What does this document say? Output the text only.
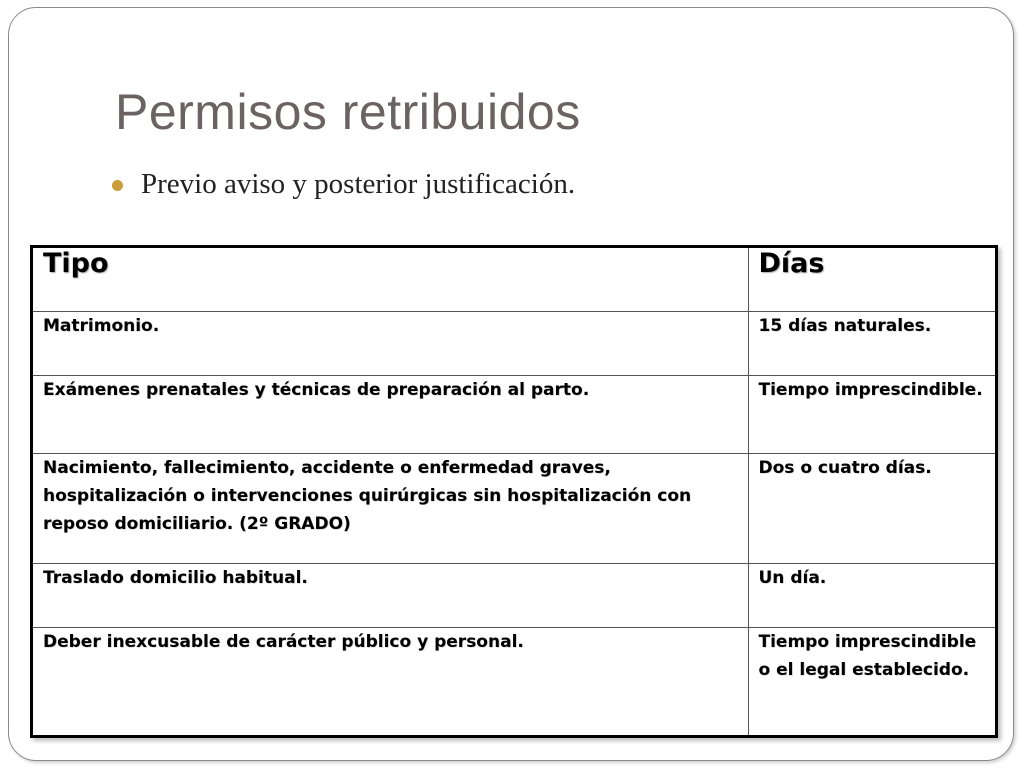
Permisos retribuidos
Previo aviso y posterior justificación.
Tipo	Días
Matrimonio.	15 días naturales.
Exámenes prenatales y técnicas de preparación al parto.	Tiempo imprescindible.
Nacimiento, fallecimiento, accidente o enfermedad graves, hospitalización o intervenciones quirúrgicas sin hospitalización con reposo domiciliario. (2º GRADO)	Dos o cuatro días.
Traslado domicilio habitual.	Un día.
Deber inexcusable de carácter público y personal.	Tiempo imprescindible o el legal establecido.
